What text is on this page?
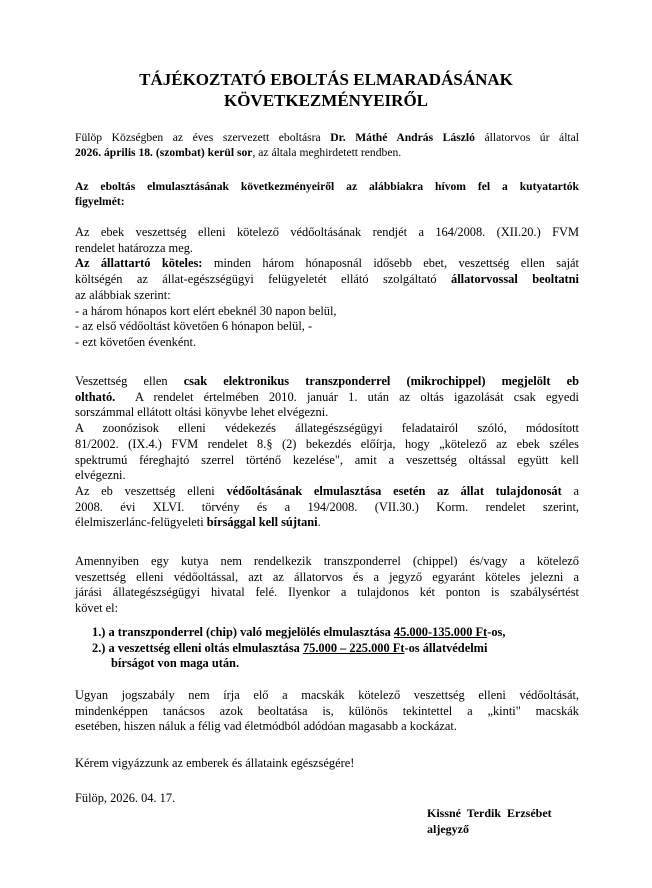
TÁJÉKOZTATÓ EBOLTÁS ELMARADÁSÁNAK
KÖVETKEZMÉNYEIRŐL
Fülöp Községben az éves szervezett eboltásra Dr. Máthé András László állatorvos úr által
2026. április 18. (szombat) kerül sor, az általa meghirdetett rendben.
Az eboltás elmulasztásának következményeiről az alábbiakra hívom fel a kutyatartók
figyelmét:
Az ebek veszettség elleni kötelező védőoltásának rendjét a 164/2008. (XII.20.) FVM
rendelet határozza meg.
Az állattartó köteles: minden három hónaposnál idősebb ebet, veszettség ellen saját
költségén az állat-egészségügyi felügyeletét ellátó szolgáltató állatorvossal beoltatni
az alábbiak szerint:
- a három hónapos kort elért ebeknél 30 napon belül,
- az első védőoltást követően 6 hónapon belül, -
- ezt követően évenként.
Veszettség ellen csak elektronikus transzponderrel (mikrochippel) megjelölt eb
oltható.  A rendelet értelmében 2010. január 1. után az oltás igazolását csak egyedi
sorszámmal ellátott oltási könyvbe lehet elvégezni.
A zoonózisok elleni védekezés állategészségügyi feladatairól szóló, módosított
81/2002. (IX.4.) FVM rendelet 8.§ (2) bekezdés előírja, hogy „kötelező az ebek széles
spektrumú féreghajtó szerrel történő kezelése", amit a veszettség oltással együtt kell
elvégezni.
Az eb veszettség elleni védőoltásának elmulasztása esetén az állat tulajdonosát a
2008. évi XLVI. törvény és a 194/2008. (VII.30.) Korm. rendelet szerint,
élelmiszerlánc-felügyeleti bírsággal kell sújtani.
Amennyiben egy kutya nem rendelkezik transzponderrel (chippel) és/vagy a kötelező
veszettség elleni védőoltással, azt az állatorvos és a jegyző egyaránt köteles jelezni a
járási állategészségügyi hivatal felé. Ilyenkor a tulajdonos két ponton is szabálysértést
követ el:
1.) a transzponderrel (chip) való megjelölés elmulasztása 45.000-135.000 Ft-os,
2.) a veszettség elleni oltás elmulasztása 75.000 – 225.000 Ft-os állatvédelmi
bírságot von maga után.
Ugyan jogszabály nem írja elő a macskák kötelező veszettség elleni védőoltását,
mindenképpen tanácsos azok beoltatása is, különös tekintettel a „kinti" macskák
esetében, hiszen náluk a félig vad életmódból adódóan magasabb a kockázat.
Kérem vigyázzunk az emberek és állataink egészségére!
Fülöp, 2026. 04. 17.
Kissné Terdik Erzsébet
aljegyző
